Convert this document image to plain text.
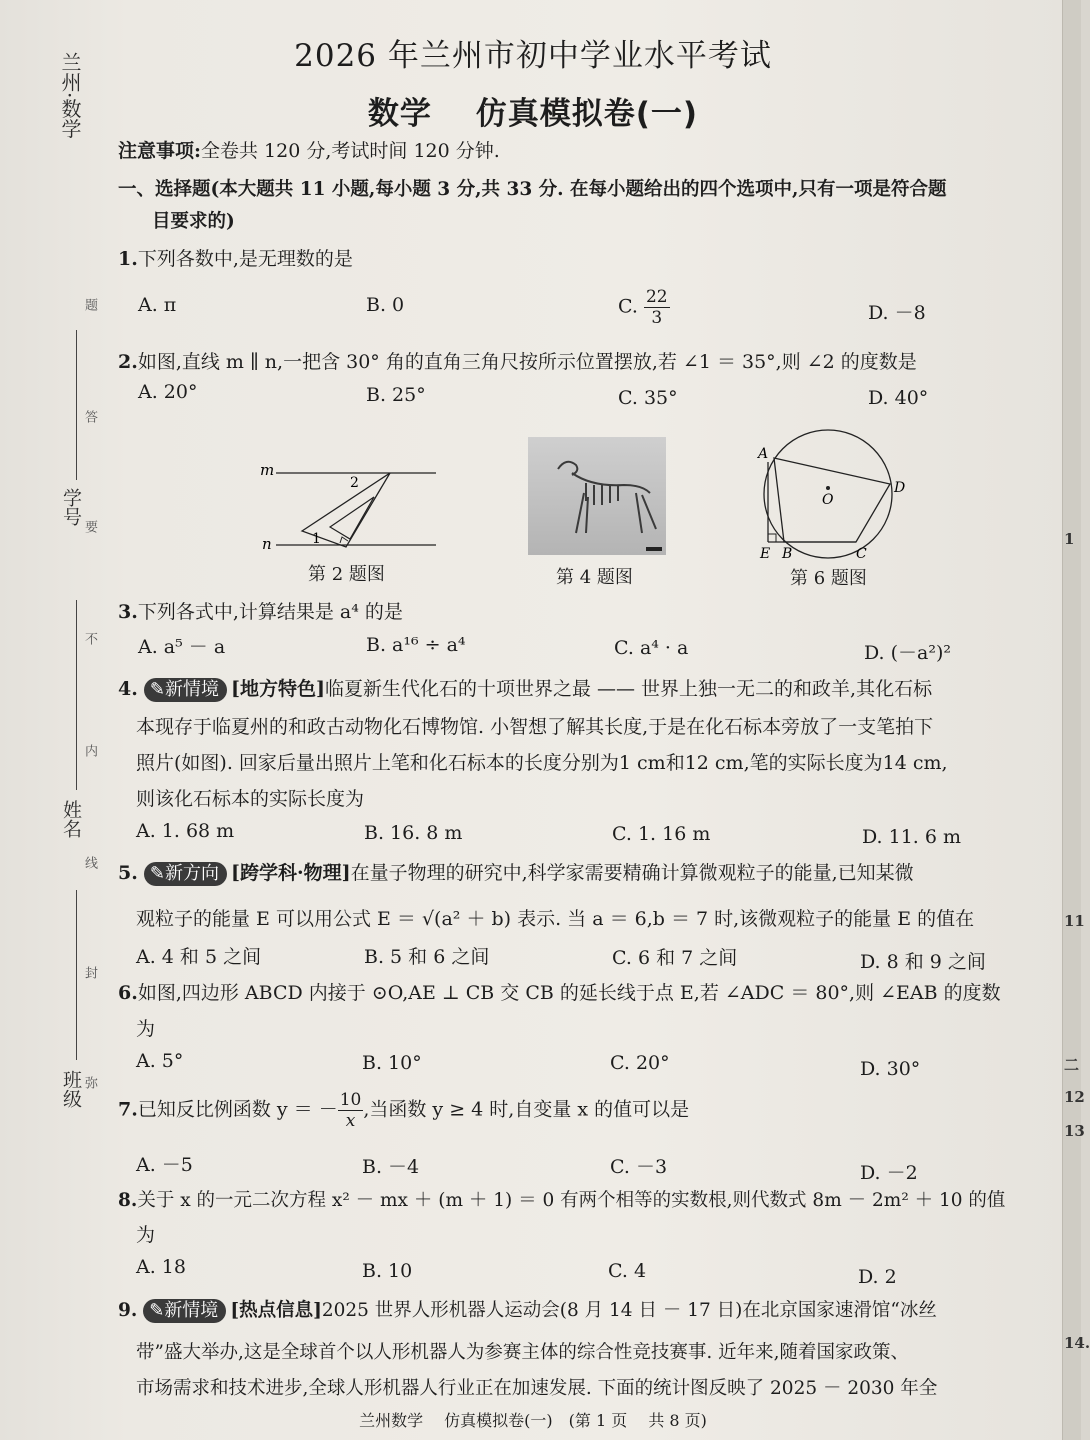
1
11
二
12
13
14.
兰州·数学
学号
姓名
班级
题
答
要
不
内
线
封
弥
2026 年兰州市初中学业水平考试
数学　 仿真模拟卷(一)
注意事项:全卷共 120 分,考试时间 120 分钟.
一、选择题(本大题共 11 小题,每小题 3 分,共 33 分. 在每小题给出的四个选项中,只有一项是符合题
目要求的)
1.下列各数中,是无理数的是
A. π	B. 0	C. $\frac{22}{3}$	D. －8
2.如图,直线 m ∥ n,一把含 30° 角的直角三角尺按所示位置摆放,若 ∠1 ＝ 35°,则 ∠2 的度数是
A. 20°	B. 25°	C. 35°	D. 40°
m
n	1
2
第 2 题图	第 4 题图
A
D
O
E B	C
第 6 题图
3.下列各式中,计算结果是 a⁴ 的是
A. a⁵ － a	B. a¹⁶ ÷ a⁴	C. a⁴ · a	D. (－a²)²
4. ✎新情境 [地方特色]临夏新生代化石的十项世界之最 —— 世界上独一无二的和政羊,其化石标
本现存于临夏州的和政古动物化石博物馆. 小智想了解其长度,于是在化石标本旁放了一支笔拍下
照片(如图). 回家后量出照片上笔和化石标本的长度分别为1 cm和12 cm,笔的实际长度为14 cm,
则该化石标本的实际长度为
A. 1. 68 m	B. 16. 8 m	C. 1. 16 m	D. 11. 6 m
5. ✎新方向 [跨学科·物理]在量子物理的研究中,科学家需要精确计算微观粒子的能量,已知某微
观粒子的能量 E 可以用公式 E ＝ √(a² ＋ b) 表示. 当 a ＝ 6,b ＝ 7 时,该微观粒子的能量 E 的值在
A. 4 和 5 之间	B. 5 和 6 之间	C. 6 和 7 之间	D. 8 和 9 之间
6.如图,四边形 ABCD 内接于 ⊙O,AE ⊥ CB 交 CB 的延长线于点 E,若 ∠ADC ＝ 80°,则 ∠EAB 的度数
为
A. 5°	B. 10°	C. 20°	D. 30°
7.已知反比例函数 y ＝ － $\frac{10}{x}$ ,当函数 y ≥ 4 时,自变量 x 的值可以是
A. －5	B. －4	C. －3	D. －2
8.关于 x 的一元二次方程 x² － mx ＋ (m ＋ 1) ＝ 0 有两个相等的实数根,则代数式 8m － 2m² ＋ 10 的值
为
A. 18	B. 10	C. 4	D. 2
9. ✎新情境 [热点信息]2025 世界人形机器人运动会(8 月 14 日 － 17 日)在北京国家速滑馆“冰丝
带”盛大举办,这是全球首个以人形机器人为参赛主体的综合性竞技赛事. 近年来,随着国家政策、
市场需求和技术进步,全球人形机器人行业正在加速发展. 下面的统计图反映了 2025 － 2030 年全
兰州数学　 仿真模拟卷(一)　(第 1 页　 共 8 页)
